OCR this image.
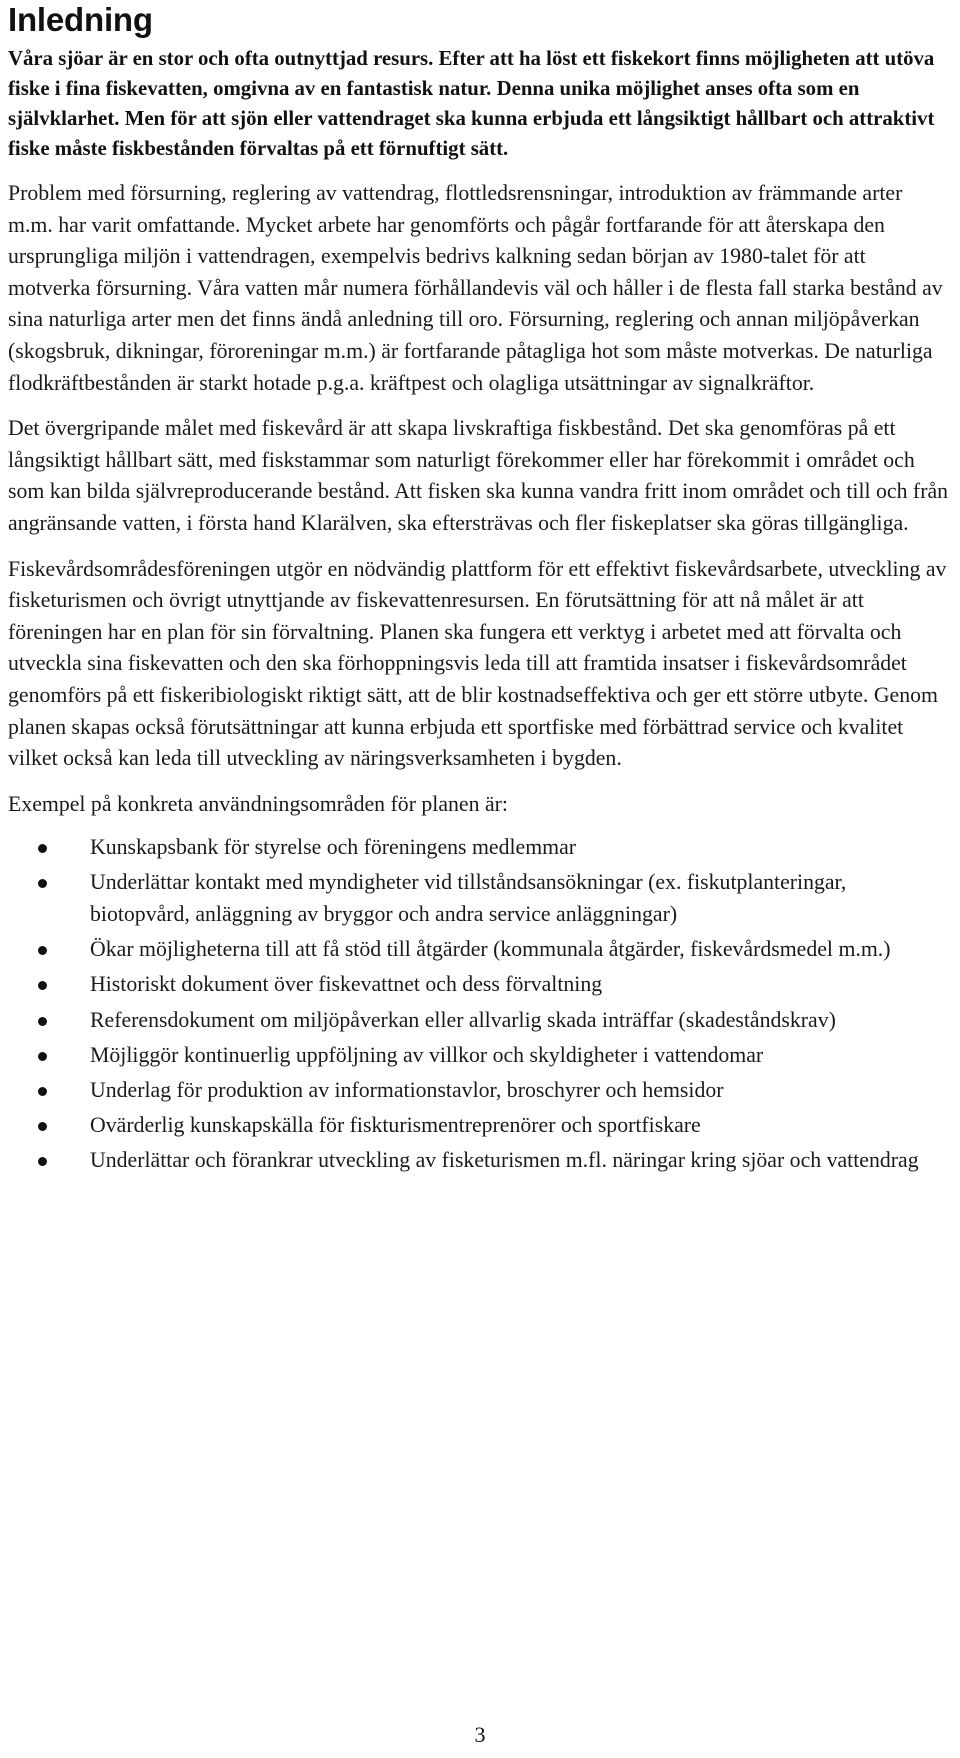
Inledning

Våra sjöar är en stor och ofta outnyttjad resurs. Efter att ha löst ett fiskekort finns möjligheten att utöva fiske i fina fiskevatten, omgivna av en fantastisk natur. Denna unika möjlighet anses ofta som en självklarhet. Men för att sjön eller vattendraget ska kunna erbjuda ett långsiktigt hållbart och attraktivt fiske måste fiskbestånden förvaltas på ett förnuftigt sätt.

Problem med försurning, reglering av vattendrag, flottledsrensningar, introduktion av främmande arter m.m. har varit omfattande. Mycket arbete har genomförts och pågår fortfarande för att återskapa den ursprungliga miljön i vattendragen, exempelvis bedrivs kalkning sedan början av 1980-talet för att motverka försurning. Våra vatten mår numera förhållandevis väl och håller i de flesta fall starka bestånd av sina naturliga arter men det finns ändå anledning till oro. Försurning, reglering och annan miljöpåverkan (skogsbruk, dikningar, föroreningar m.m.) är fortfarande påtagliga hot som måste motverkas. De naturliga flodkräftbestånden är starkt hotade p.g.a. kräftpest och olagliga utsättningar av signalkräftor.

Det övergripande målet med fiskevård är att skapa livskraftiga fiskbestånd. Det ska genomföras på ett långsiktigt hållbart sätt, med fiskstammar som naturligt förekommer eller har förekommit i området och som kan bilda självreproducerande bestånd. Att fisken ska kunna vandra fritt inom området och till och från angränsande vatten, i första hand Klarälven, ska eftersträvas och fler fiskeplatser ska göras tillgängliga.

Fiskevårdsområdesföreningen utgör en nödvändig plattform för ett effektivt fiskevårdsarbete, utveckling av fisketurismen och övrigt utnyttjande av fiskevattenresursen. En förutsättning för att nå målet är att föreningen har en plan för sin förvaltning. Planen ska fungera ett verktyg i arbetet med att förvalta och utveckla sina fiskevatten och den ska förhoppningsvis leda till att framtida insatser i fiskevårdsområdet genomförs på ett fiskeribiologiskt riktigt sätt, att de blir kostnadseffektiva och ger ett större utbyte. Genom planen skapas också förutsättningar att kunna erbjuda ett sportfiske med förbättrad service och kvalitet vilket också kan leda till utveckling av näringsverksamheten i bygden.

Exempel på konkreta användningsområden för planen är:

Kunskapsbank för styrelse och föreningens medlemmar
Underlättar kontakt med myndigheter vid tillståndsansökningar (ex. fiskutplanteringar, biotopvård, anläggning av bryggor och andra service anläggningar)
Ökar möjligheterna till att få stöd till åtgärder (kommunala åtgärder, fiskevårdsmedel m.m.)
Historiskt dokument över fiskevattnet och dess förvaltning
Referensdokument om miljöpåverkan eller allvarlig skada inträffar (skadeståndskrav)
Möjliggör kontinuerlig uppföljning av villkor och skyldigheter i vattendomar
Underlag för produktion av informationstavlor, broschyrer och hemsidor
Ovärderlig kunskapskälla för fiskturismentreprenörer och sportfiskare
Underlättar och förankrar utveckling av fisketurismen m.fl. näringar kring sjöar och vattendrag
3
